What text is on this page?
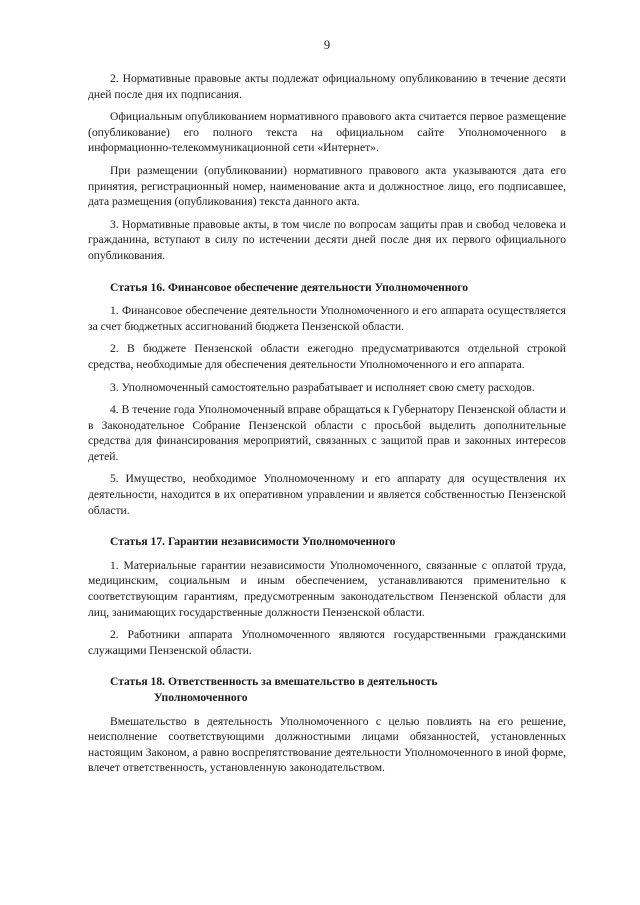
9

2. Нормативные правовые акты подлежат официальному опубликованию в течение десяти дней после дня их подписания.

Официальным опубликованием нормативного правового акта считается первое размещение (опубликование) его полного текста на официальном сайте Уполномоченного в информационно-телекоммуникационной сети «Интернет».

При размещении (опубликовании) нормативного правового акта указываются дата его принятия, регистрационный номер, наименование акта и должностное лицо, его подписавшее, дата размещения (опубликования) текста данного акта.

3. Нормативные правовые акты, в том числе по вопросам защиты прав и свобод человека и гражданина, вступают в силу по истечении десяти дней после дня их первого официального опубликования.

Статья 16. Финансовое обеспечение деятельности Уполномоченного

1. Финансовое обеспечение деятельности Уполномоченного и его аппарата осуществляется за счет бюджетных ассигнований бюджета Пензенской области.

2. В бюджете Пензенской области ежегодно предусматриваются отдельной строкой средства, необходимые для обеспечения деятельности Уполномоченного и его аппарата.

3. Уполномоченный самостоятельно разрабатывает и исполняет свою смету расходов.

4. В течение года Уполномоченный вправе обращаться к Губернатору Пензенской области и в Законодательное Собрание Пензенской области с просьбой выделить дополнительные средства для финансирования мероприятий, связанных с защитой прав и законных интересов детей.

5. Имущество, необходимое Уполномоченному и его аппарату для осуществления их деятельности, находится в их оперативном управлении и является собственностью Пензенской области.

Статья 17. Гарантии независимости Уполномоченного

1. Материальные гарантии независимости Уполномоченного, связанные с оплатой труда, медицинским, социальным и иным обеспечением, устанавливаются применительно к соответствующим гарантиям, предусмотренным законодательством Пензенской области для лиц, занимающих государственные должности Пензенской области.

2. Работники аппарата Уполномоченного являются государственными гражданскими служащими Пензенской области.

Статья 18. Ответственность за вмешательство в деятельность
Уполномоченного

Вмешательство в деятельность Уполномоченного с целью повлиять на его решение, неисполнение соответствующими должностными лицами обязанностей, установленных настоящим Законом, а равно воспрепятствование деятельности Уполномоченного в иной форме, влечет ответственность, установленную законодательством.
